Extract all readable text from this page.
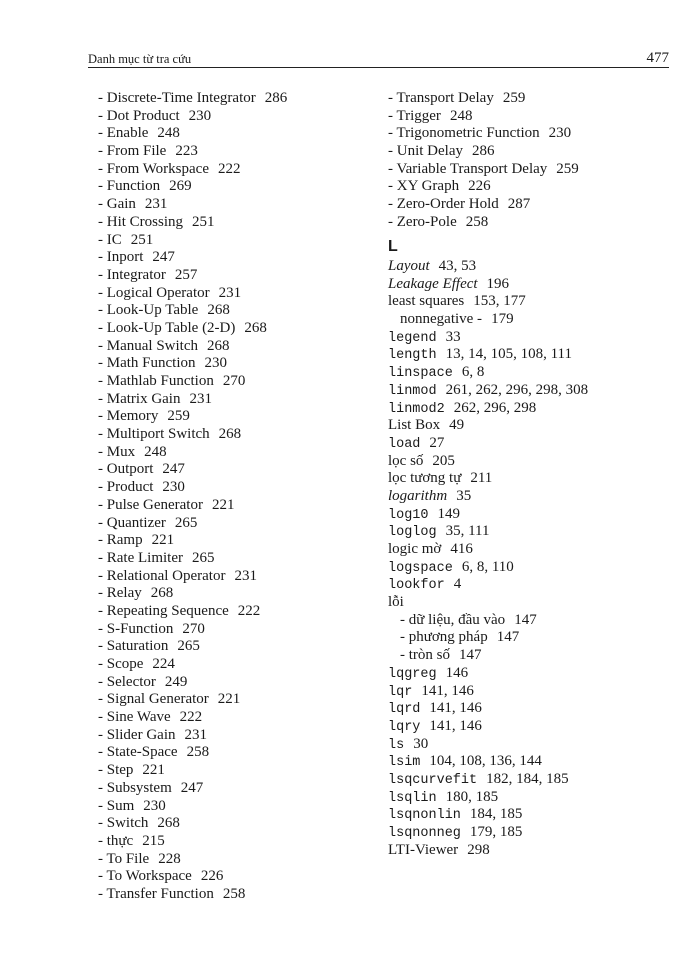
Danh mục từ tra cứu	477
- Discrete-Time Integrator 286
- Dot Product 230
- Enable 248
- From File 223
- From Workspace 222
- Function 269
- Gain 231
- Hit Crossing 251
- IC 251
- Inport 247
- Integrator 257
- Logical Operator 231
- Look-Up Table 268
- Look-Up Table (2-D) 268
- Manual Switch 268
- Math Function 230
- Mathlab Function 270
- Matrix Gain 231
- Memory 259
- Multiport Switch 268
- Mux 248
- Outport 247
- Product 230
- Pulse Generator 221
- Quantizer 265
- Ramp 221
- Rate Limiter 265
- Relational Operator 231
- Relay 268
- Repeating Sequence 222
- S-Function 270
- Saturation 265
- Scope 224
- Selector 249
- Signal Generator 221
- Sine Wave 222
- Slider Gain 231
- State-Space 258
- Step 221
- Subsystem 247
- Sum 230
- Switch 268
- thực 215
- To File 228
- To Workspace 226
- Transfer Function 258
- Transport Delay 259
- Trigger 248
- Trigonometric Function 230
- Unit Delay 286
- Variable Transport Delay 259
- XY Graph 226
- Zero-Order Hold 287
- Zero-Pole 258
L
Layout 43, 53
Leakage Effect 196
least squares 153, 177
nonnegative - 179
legend 33
length 13, 14, 105, 108, 111
linspace 6, 8
linmod 261, 262, 296, 298, 308
linmod2 262, 296, 298
List Box 49
load 27
lọc số 205
lọc tương tự 211
logarithm 35
log10 149
loglog 35, 111
logic mờ 416
logspace 6, 8, 110
lookfor 4
lỗi
- dữ liệu, đầu vào 147
- phương pháp 147
- tròn số 147
lqgreg 146
lqr 141, 146
lqrd 141, 146
lqry 141, 146
ls 30
lsim 104, 108, 136, 144
lsqcurvefit 182, 184, 185
lsqlin 180, 185
lsqnonlin 184, 185
lsqnonneg 179, 185
LTI-Viewer 298
